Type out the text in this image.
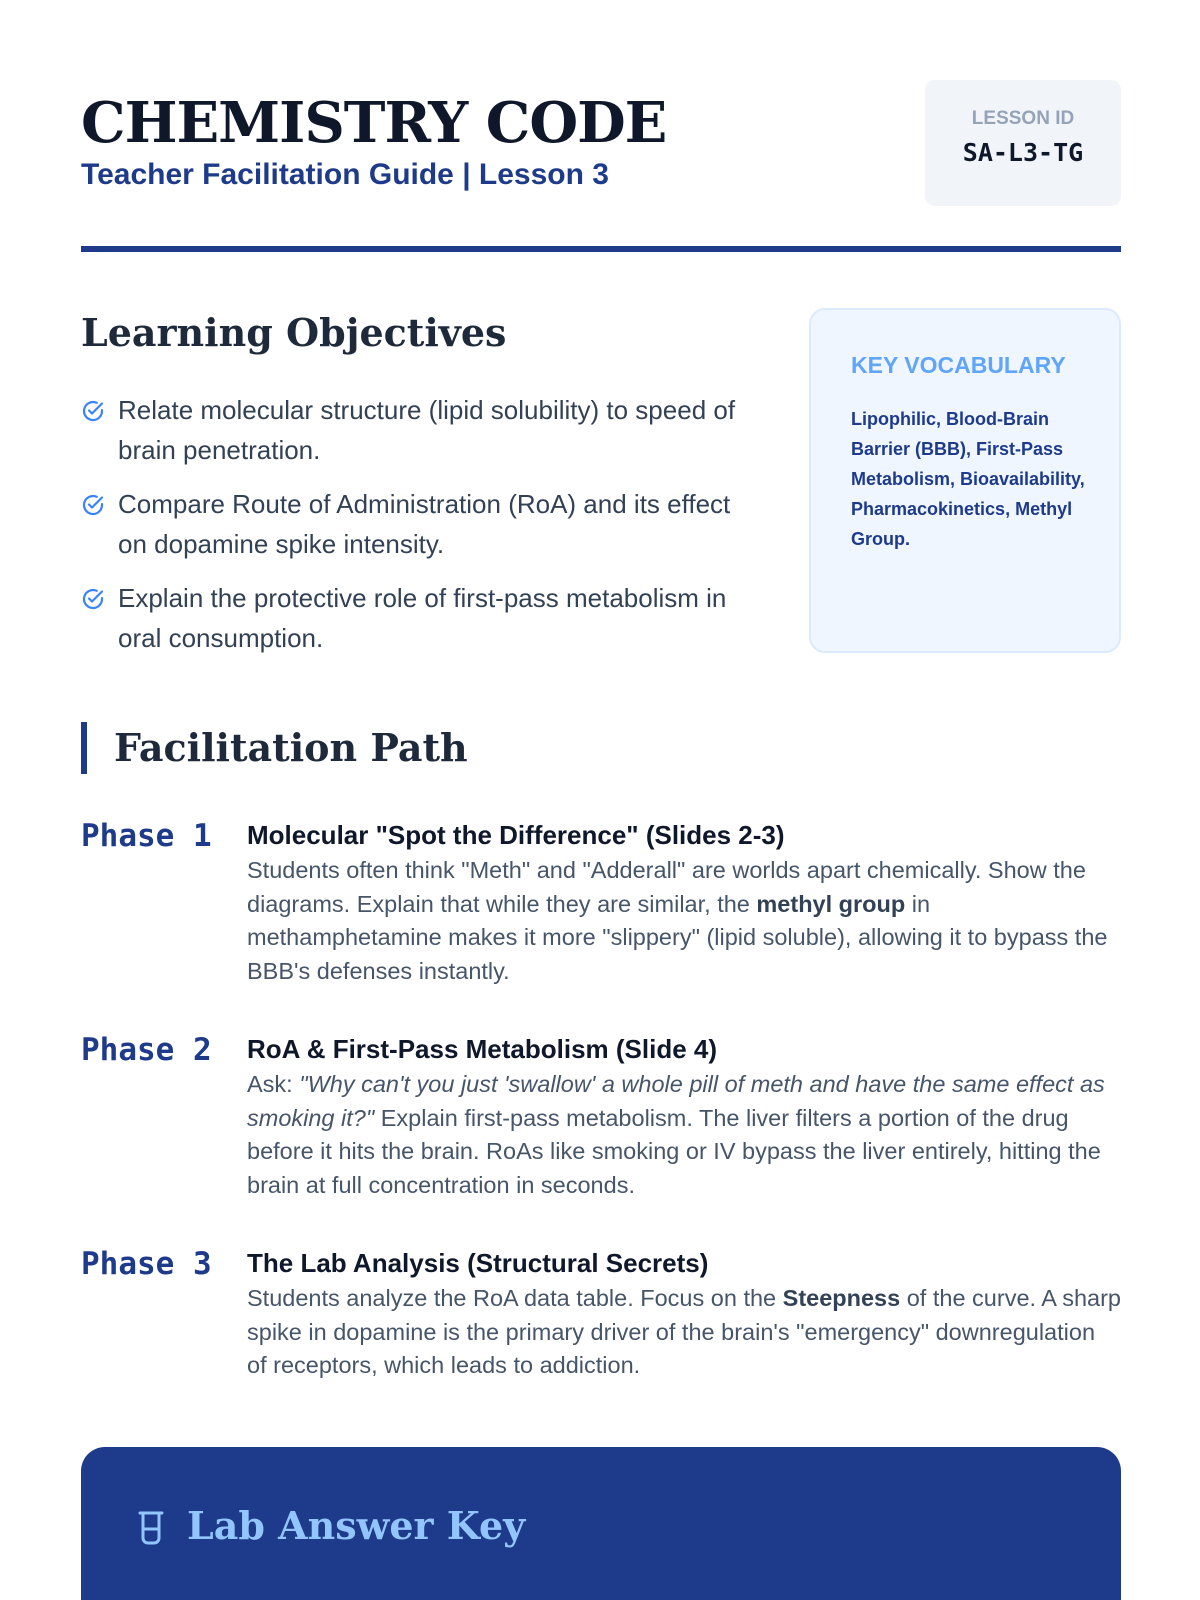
CHEMISTRY CODE
Teacher Facilitation Guide | Lesson 3
LESSON ID
SA-L3-TG
Learning Objectives
Relate molecular structure (lipid solubility) to speed of brain penetration.
Compare Route of Administration (RoA) and its effect on dopamine spike intensity.
Explain the protective role of first-pass metabolism in oral consumption.
KEY VOCABULARY
Lipophilic, Blood-Brain Barrier (BBB), First-Pass Metabolism, Bioavailability, Pharmacokinetics, Methyl Group.
Facilitation Path
Phase 1 Molecular "Spot the Difference" (Slides 2-3)
Students often think "Meth" and "Adderall" are worlds apart chemically. Show the diagrams. Explain that while they are similar, the methyl group in methamphetamine makes it more "slippery" (lipid soluble), allowing it to bypass the BBB's defenses instantly.
Phase 2 RoA & First-Pass Metabolism (Slide 4)
Ask: "Why can't you just 'swallow' a whole pill of meth and have the same effect as smoking it?" Explain first-pass metabolism. The liver filters a portion of the drug before it hits the brain. RoAs like smoking or IV bypass the liver entirely, hitting the brain at full concentration in seconds.
Phase 3 The Lab Analysis (Structural Secrets)
Students analyze the RoA data table. Focus on the Steepness of the curve. A sharp spike in dopamine is the primary driver of the brain's "emergency" downregulation of receptors, which leads to addiction.
Lab Answer Key
